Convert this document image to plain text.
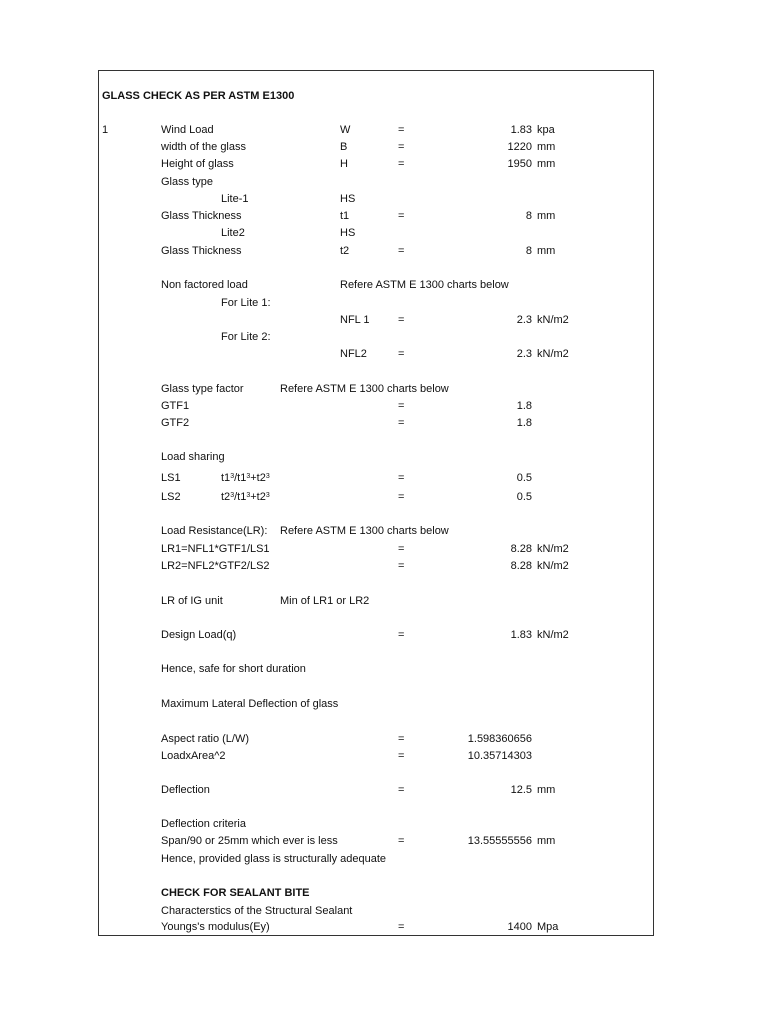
GLASS CHECK AS PER ASTM E1300
1	Wind Load	W	=	1.83 kpa
width of the glass	B	=	1220 mm
Height of glass	H	=	1950 mm
Glass type
Lite-1	HS
Glass Thickness	t1	=	8 mm
Lite2	HS
Glass Thickness	t2	=	8 mm
Non factored load	Refere ASTM E 1300 charts below
For Lite 1:
NFL 1	=	2.3 kN/m2
For Lite 2:
NFL2	=	2.3 kN/m2
Glass type factor	Refere ASTM E 1300 charts below
GTF1	=	1.8
GTF2	=	1.8
Load sharing
LS1	$t1^3/t1^3+t2^3$	=	0.5
LS2	$t2^3/t1^3+t2^3$	=	0.5
Load Resistance(LR): Refere ASTM E 1300 charts below
LR1=NFL1*GTF1/LS1	=	8.28 kN/m2
LR2=NFL2*GTF2/LS2	=	8.28 kN/m2
LR of IG unit	Min of LR1 or LR2
Design Load(q)	=	1.83 kN/m2
Hence, safe for short duration
Maximum Lateral Deflection of glass
Aspect ratio (L/W)	=	1.598360656
LoadxArea^2	=	10.35714303
Deflection	=	12.5 mm
Deflection criteria
Span/90 or 25mm which ever is less	=	13.55555556 mm
Hence, provided glass is structurally adequate
CHECK FOR SEALANT BITE
Characterstics of the Structural Sealant
Youngs's modulus(Ey)	=	1400 Mpa
